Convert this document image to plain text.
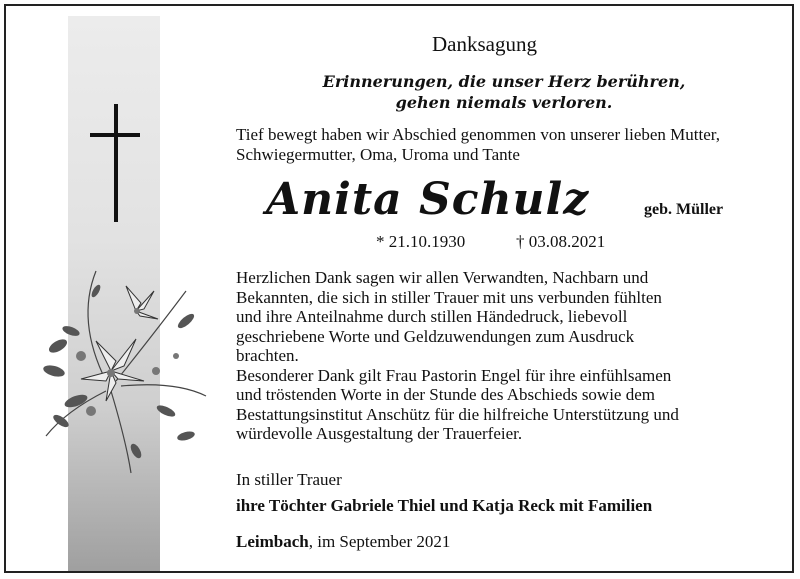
Danksagung
Erinnerungen, die unser Herz berühren,
gehen niemals verloren.
Tief bewegt haben wir Abschied genommen von unserer lieben Mutter, Schwiegermutter, Oma, Uroma und Tante
Anita Schulz	geb. Müller
* 21.10.1930	† 03.08.2021
Herzlichen Dank sagen wir allen Verwandten, Nachbarn und
Bekannten, die sich in stiller Trauer mit uns verbunden fühlten
und ihre Anteilnahme durch stillen Händedruck, liebevoll
geschriebene Worte und Geldzuwendungen zum Ausdruck
brachten.
Besonderer Dank gilt Frau Pastorin Engel für ihre einfühlsamen
und tröstenden Worte in der Stunde des Abschieds sowie dem
Bestattungsinstitut Anschütz für die hilfreiche Unterstützung und
würdevolle Ausgestaltung der Trauerfeier.
In stiller Trauer
ihre Töchter Gabriele Thiel und Katja Reck mit Familien
Leimbach, im September 2021
